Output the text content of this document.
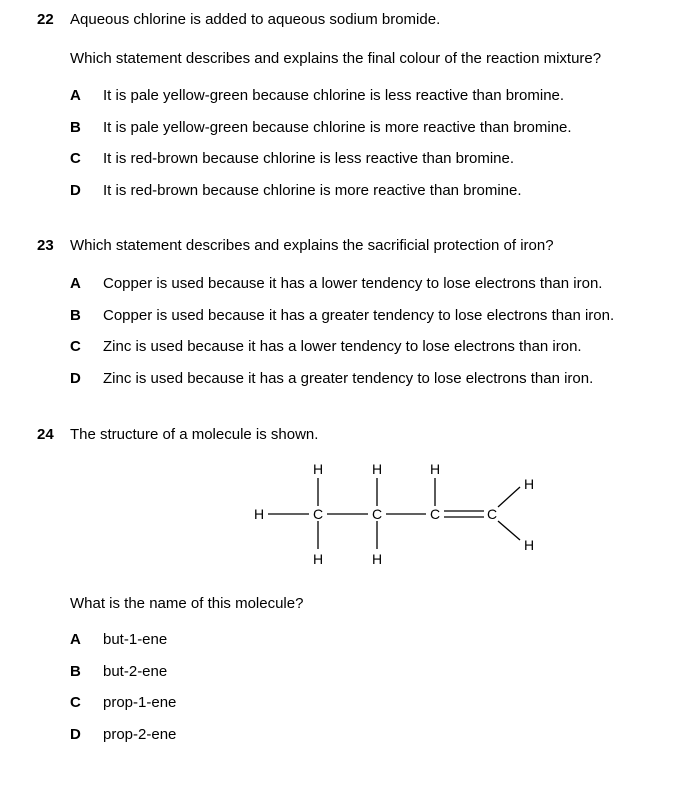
22 Aqueous chlorine is added to aqueous sodium bromide.
Which statement describes and explains the final colour of the reaction mixture?
A It is pale yellow-green because chlorine is less reactive than bromine.
B It is pale yellow-green because chlorine is more reactive than bromine.
C It is red-brown because chlorine is less reactive than bromine.
D It is red-brown because chlorine is more reactive than bromine.
23 Which statement describes and explains the sacrificial protection of iron?
A Copper is used because it has a lower tendency to lose electrons than iron.
B Copper is used because it has a greater tendency to lose electrons than iron.
C Zinc is used because it has a lower tendency to lose electrons than iron.
D Zinc is used because it has a greater tendency to lose electrons than iron.
24 The structure of a molecule is shown.
H
H
H
H
H
H
H
H
C	C	C	C
What is the name of this molecule?
A but-1-ene
B but-2-ene
C prop-1-ene
D prop-2-ene
